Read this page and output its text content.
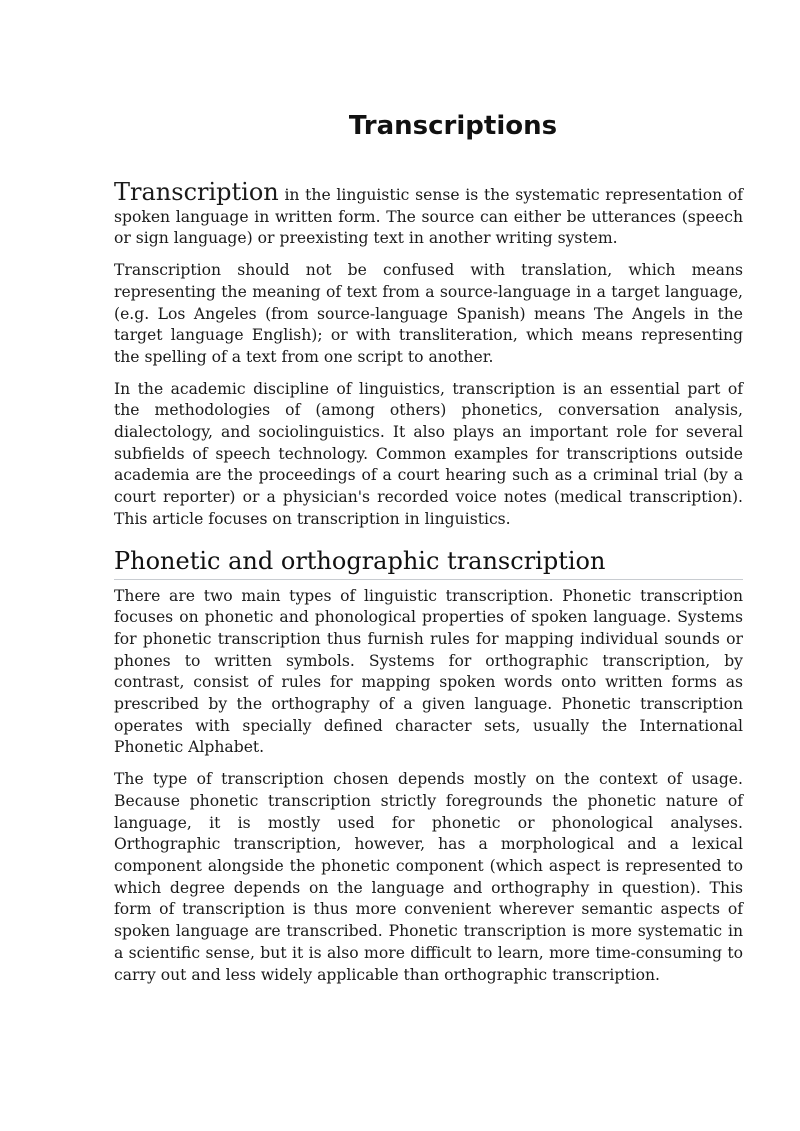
Transcriptions

Transcription in the linguistic sense is the systematic representation of spoken language in written form. The source can either be utterances (speech or sign language) or preexisting text in another writing system.

Transcription should not be confused with translation, which means representing the meaning of text from a source-language in a target language, (e.g. Los Angeles (from source-language Spanish) means The Angels in the target language English); or with transliteration, which means representing the spelling of a text from one script to another.

In the academic discipline of linguistics, transcription is an essential part of the methodologies of (among others) phonetics, conversation analysis, dialectology, and sociolinguistics. It also plays an important role for several subfields of speech technology. Common examples for transcriptions outside academia are the proceedings of a court hearing such as a criminal trial (by a court reporter) or a physician's recorded voice notes (medical transcription). This article focuses on transcription in linguistics.

Phonetic and orthographic transcription

There are two main types of linguistic transcription. Phonetic transcription focuses on phonetic and phonological properties of spoken language. Systems for phonetic transcription thus furnish rules for mapping individual sounds or phones to written symbols. Systems for orthographic transcription, by contrast, consist of rules for mapping spoken words onto written forms as prescribed by the orthography of a given language. Phonetic transcription operates with specially defined character sets, usually the International Phonetic Alphabet.

The type of transcription chosen depends mostly on the context of usage. Because phonetic transcription strictly foregrounds the phonetic nature of language, it is mostly used for phonetic or phonological analyses. Orthographic transcription, however, has a morphological and a lexical component alongside the phonetic component (which aspect is represented to which degree depends on the language and orthography in question). This form of transcription is thus more convenient wherever semantic aspects of spoken language are transcribed. Phonetic transcription is more systematic in a scientific sense, but it is also more difficult to learn, more time-consuming to carry out and less widely applicable than orthographic transcription.
